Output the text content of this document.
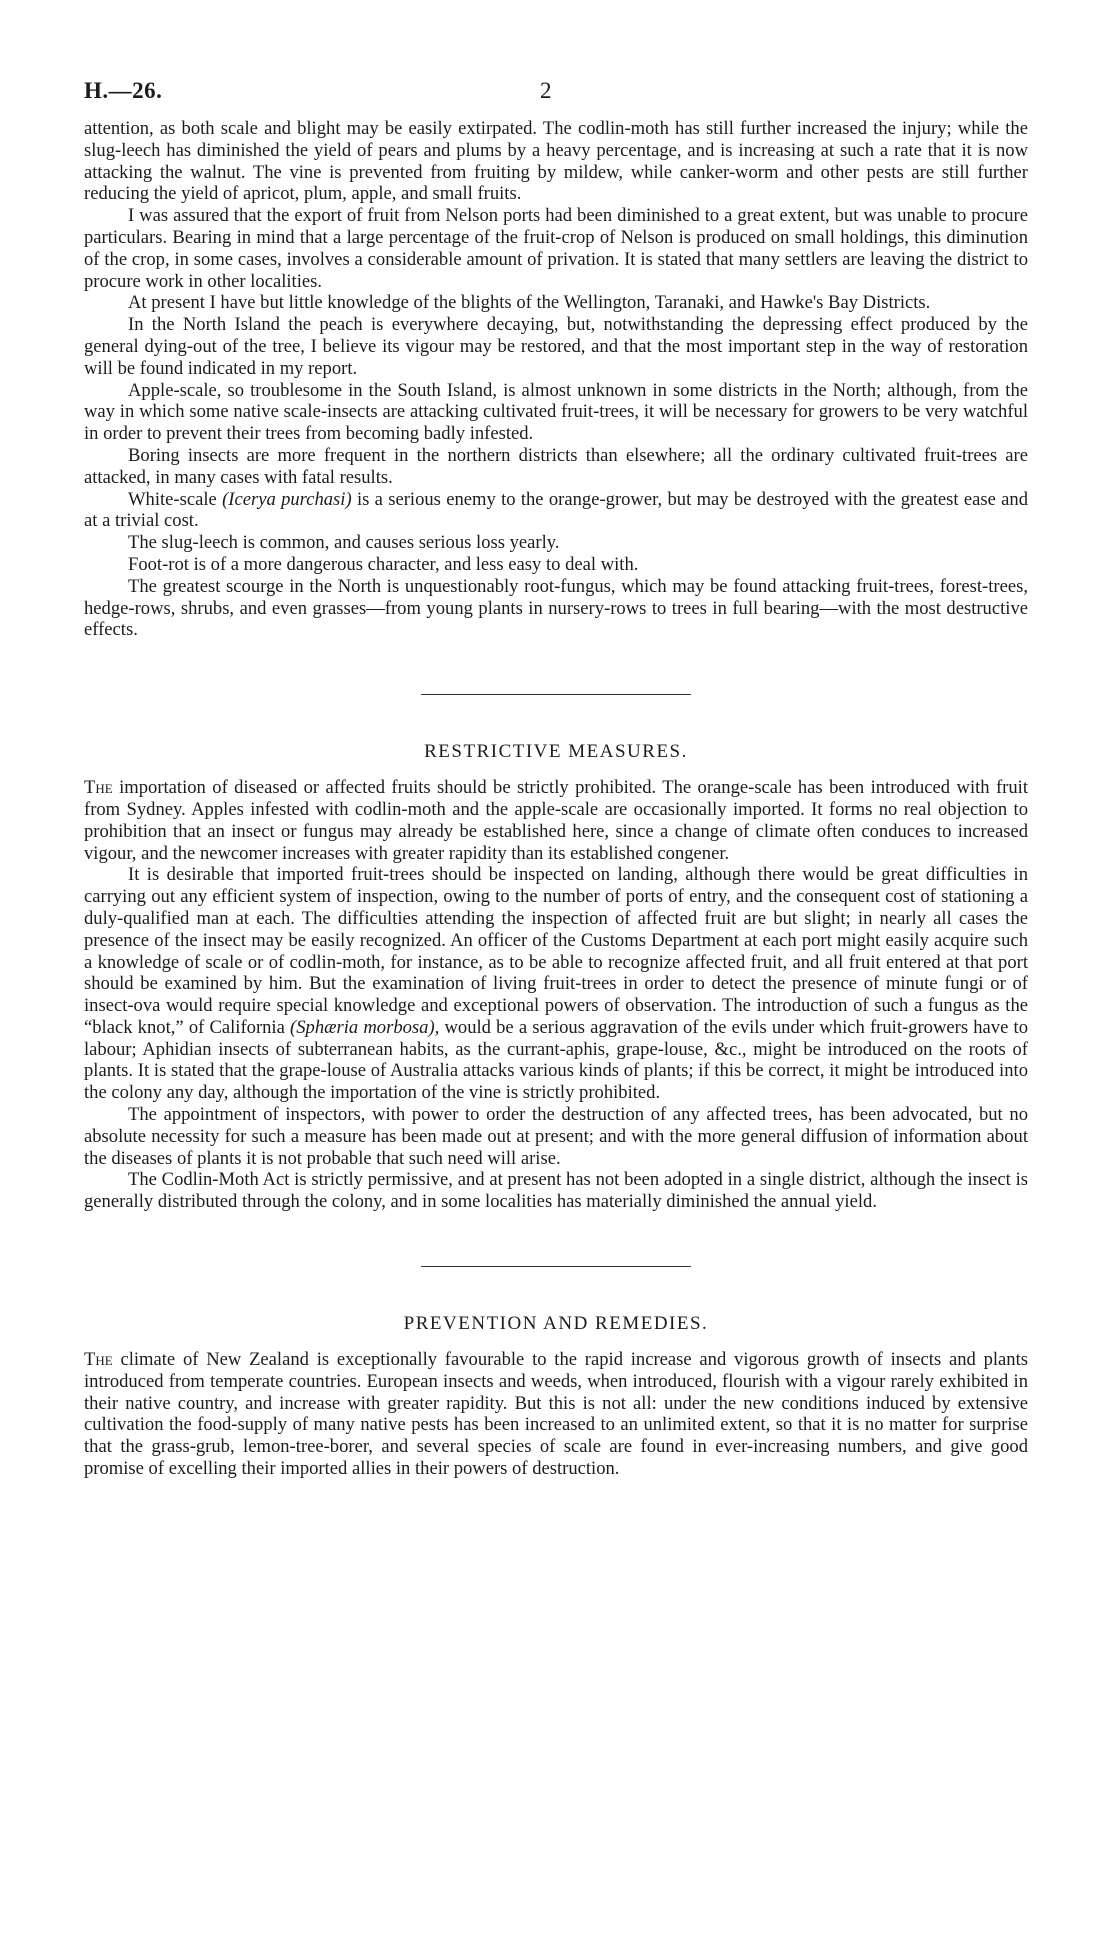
H.—26.	2

attention, as both scale and blight may be easily extirpated. The codlin-moth has still further increased the injury; while the slug-leech has diminished the yield of pears and plums by a heavy percentage, and is increasing at such a rate that it is now attacking the walnut. The vine is prevented from fruiting by mildew, while canker-worm and other pests are still further reducing the yield of apricot, plum, apple, and small fruits.

I was assured that the export of fruit from Nelson ports had been diminished to a great extent, but was unable to procure particulars. Bearing in mind that a large percentage of the fruit-crop of Nelson is produced on small holdings, this diminution of the crop, in some cases, involves a considerable amount of privation. It is stated that many settlers are leaving the district to procure work in other localities.

At present I have but little knowledge of the blights of the Wellington, Taranaki, and Hawke's Bay Districts.

In the North Island the peach is everywhere decaying, but, notwithstanding the depressing effect produced by the general dying-out of the tree, I believe its vigour may be restored, and that the most important step in the way of restoration will be found indicated in my report.

Apple-scale, so troublesome in the South Island, is almost unknown in some districts in the North; although, from the way in which some native scale-insects are attacking cultivated fruit-trees, it will be necessary for growers to be very watchful in order to prevent their trees from becoming badly infested.

Boring insects are more frequent in the northern districts than elsewhere; all the ordinary cultivated fruit-trees are attacked, in many cases with fatal results.

White-scale (Icerya purchasi) is a serious enemy to the orange-grower, but may be destroyed with the greatest ease and at a trivial cost.

The slug-leech is common, and causes serious loss yearly.

Foot-rot is of a more dangerous character, and less easy to deal with.

The greatest scourge in the North is unquestionably root-fungus, which may be found attacking fruit-trees, forest-trees, hedge-rows, shrubs, and even grasses—from young plants in nursery-rows to trees in full bearing—with the most destructive effects.

RESTRICTIVE MEASURES.

The importation of diseased or affected fruits should be strictly prohibited. The orange-scale has been introduced with fruit from Sydney. Apples infested with codlin-moth and the apple-scale are occasionally imported. It forms no real objection to prohibition that an insect or fungus may already be established here, since a change of climate often conduces to increased vigour, and the newcomer increases with greater rapidity than its established congener.

It is desirable that imported fruit-trees should be inspected on landing, although there would be great difficulties in carrying out any efficient system of inspection, owing to the number of ports of entry, and the consequent cost of stationing a duly-qualified man at each. The difficulties attending the inspection of affected fruit are but slight; in nearly all cases the presence of the insect may be easily recognized. An officer of the Customs Department at each port might easily acquire such a knowledge of scale or of codlin-moth, for instance, as to be able to recognize affected fruit, and all fruit entered at that port should be examined by him. But the examination of living fruit-trees in order to detect the presence of minute fungi or of insect-ova would require special knowledge and exceptional powers of observation. The introduction of such a fungus as the “black knot,” of California (Sphæria morbosa), would be a serious aggravation of the evils under which fruit-growers have to labour; Aphidian insects of subterranean habits, as the currant-aphis, grape-louse, &c., might be introduced on the roots of plants. It is stated that the grape-louse of Australia attacks various kinds of plants; if this be correct, it might be introduced into the colony any day, although the importation of the vine is strictly prohibited.

The appointment of inspectors, with power to order the destruction of any affected trees, has been advocated, but no absolute necessity for such a measure has been made out at present; and with the more general diffusion of information about the diseases of plants it is not probable that such need will arise.

The Codlin-Moth Act is strictly permissive, and at present has not been adopted in a single district, although the insect is generally distributed through the colony, and in some localities has materially diminished the annual yield.

PREVENTION AND REMEDIES.

The climate of New Zealand is exceptionally favourable to the rapid increase and vigorous growth of insects and plants introduced from temperate countries. European insects and weeds, when introduced, flourish with a vigour rarely exhibited in their native country, and increase with greater rapidity. But this is not all: under the new conditions induced by extensive cultivation the food-supply of many native pests has been increased to an unlimited extent, so that it is no matter for surprise that the grass-grub, lemon-tree-borer, and several species of scale are found in ever-increasing numbers, and give good promise of excelling their imported allies in their powers of destruction.
